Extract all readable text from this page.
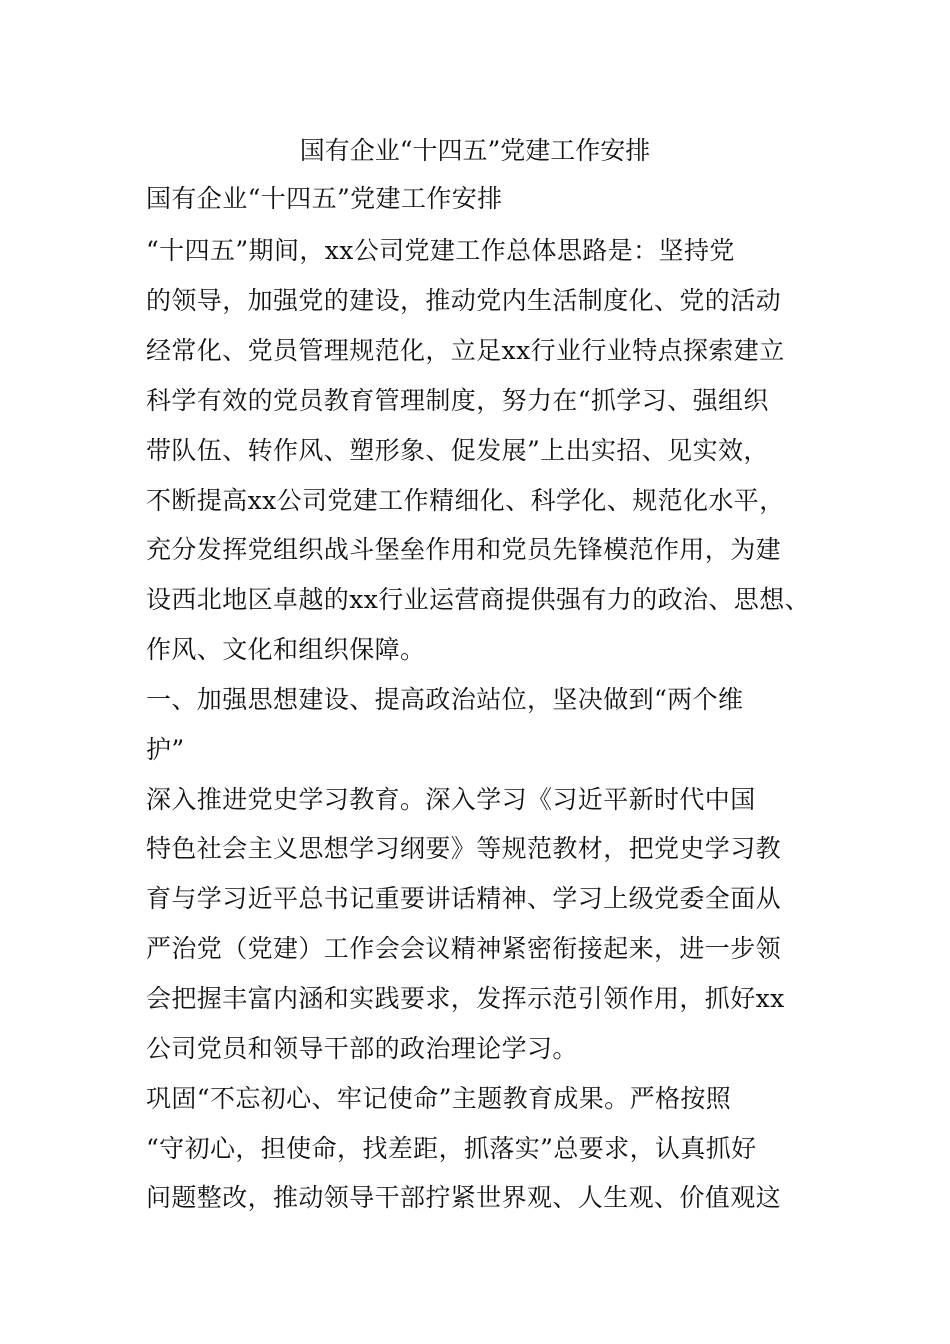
国有企业“十四五”党建工作安排
国有企业“十四五”党建工作安排
“十四五”期间，xx公司党建工作总体思路是：坚持党
的领导，加强党的建设，推动党内生活制度化、党的活动
经常化、党员管理规范化，立足xx行业行业特点探索建立
科学有效的党员教育管理制度，努力在“抓学习、强组织
带队伍、转作风、塑形象、促发展”上出实招、见实效，
不断提高xx公司党建工作精细化、科学化、规范化水平，
充分发挥党组织战斗堡垒作用和党员先锋模范作用，为建
设西北地区卓越的xx行业运营商提供强有力的政治、思想、
作风、文化和组织保障。
一、加强思想建设、提高政治站位，坚决做到“两个维
护”
深入推进党史学习教育。深入学习《习近平新时代中国
特色社会主义思想学习纲要》等规范教材，把党史学习教
育与学习近平总书记重要讲话精神、学习上级党委全面从
严治党（党建）工作会会议精神紧密衔接起来，进一步领
会把握丰富内涵和实践要求，发挥示范引领作用，抓好xx
公司党员和领导干部的政治理论学习。
巩固“不忘初心、牢记使命”主题教育成果。严格按照
“守初心，担使命，找差距，抓落实”总要求，认真抓好
问题整改，推动领导干部拧紧世界观、人生观、价值观这
